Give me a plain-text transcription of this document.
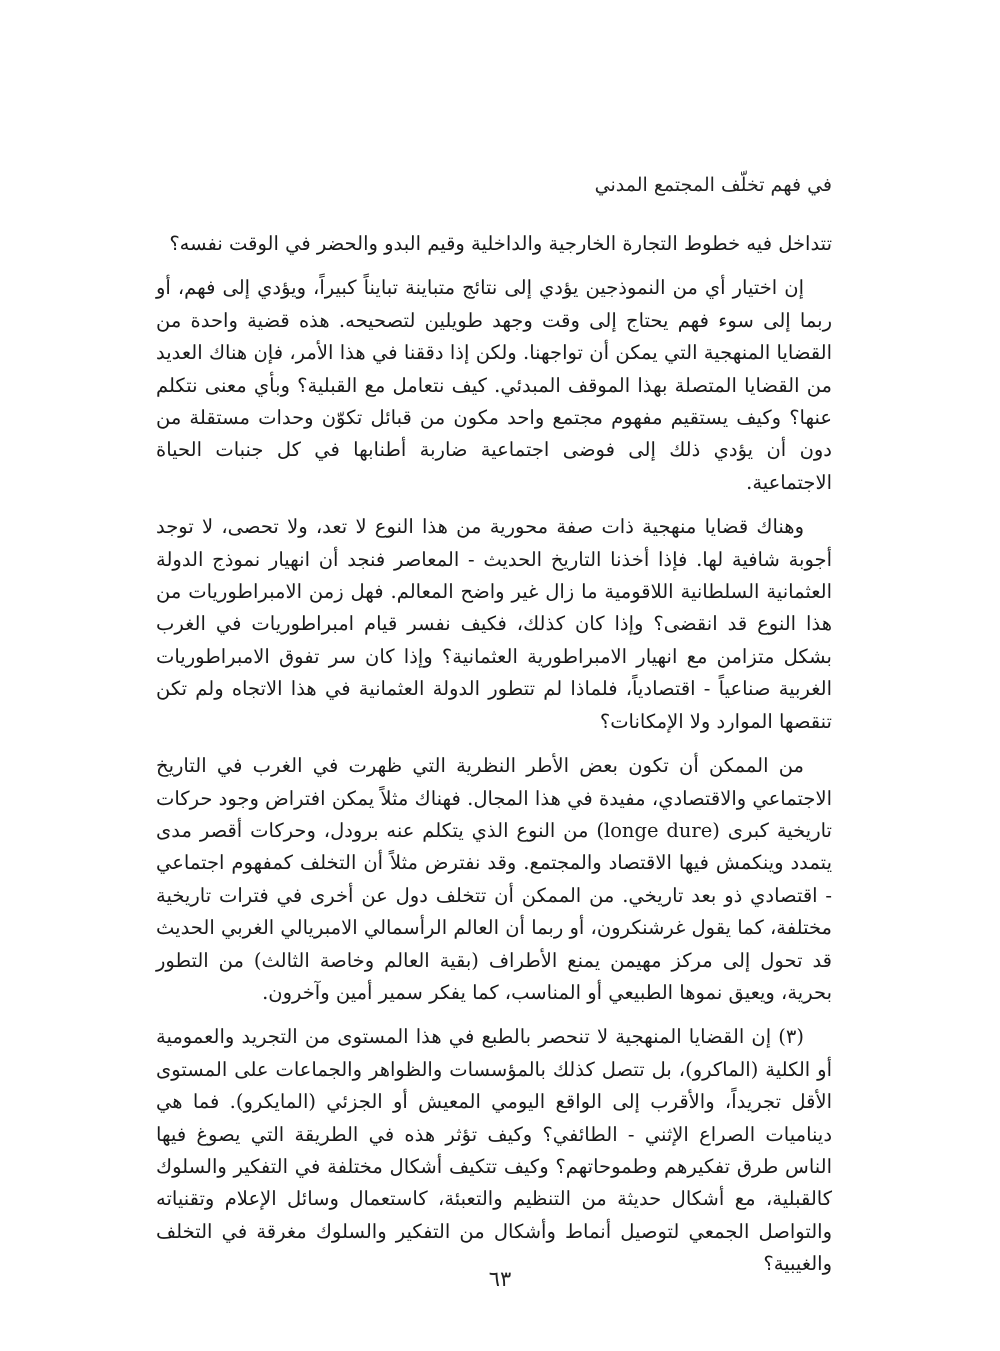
في فهم تخلّف المجتمع المدني

تتداخل فيه خطوط التجارة الخارجية والداخلية وقيم البدو والحضر في الوقت نفسه؟

إن اختيار أي من النموذجين يؤدي إلى نتائج متباينة تبايناً كبيراً، ويؤدي إلى فهم، أو ربما إلى سوء فهم يحتاج إلى وقت وجهد طويلين لتصحيحه. هذه قضية واحدة من القضايا المنهجية التي يمكن أن تواجهنا. ولكن إذا دققنا في هذا الأمر، فإن هناك العديد من القضايا المتصلة بهذا الموقف المبدئي. كيف نتعامل مع القبلية؟ وبأي معنى نتكلم عنها؟ وكيف يستقيم مفهوم مجتمع واحد مكون من قبائل تكوّن وحدات مستقلة من دون أن يؤدي ذلك إلى فوضى اجتماعية ضاربة أطنابها في كل جنبات الحياة الاجتماعية.

وهناك قضايا منهجية ذات صفة محورية من هذا النوع لا تعد، ولا تحصى، لا توجد أجوبة شافية لها. فإذا أخذنا التاريخ الحديث - المعاصر فنجد أن انهيار نموذج الدولة العثمانية السلطانية اللاقومية ما زال غير واضح المعالم. فهل زمن الامبراطوريات من هذا النوع قد انقضى؟ وإذا كان كذلك، فكيف نفسر قيام امبراطوريات في الغرب بشكل متزامن مع انهيار الامبراطورية العثمانية؟ وإذا كان سر تفوق الامبراطوريات الغربية صناعياً - اقتصادياً، فلماذا لم تتطور الدولة العثمانية في هذا الاتجاه ولم تكن تنقصها الموارد ولا الإمكانات؟

من الممكن أن تكون بعض الأطر النظرية التي ظهرت في الغرب في التاريخ الاجتماعي والاقتصادي، مفيدة في هذا المجال. فهناك مثلاً يمكن افتراض وجود حركات تاريخية كبرى (longe dure) من النوع الذي يتكلم عنه برودل، وحركات أقصر مدى يتمدد وينكمش فيها الاقتصاد والمجتمع. وقد نفترض مثلاً أن التخلف كمفهوم اجتماعي - اقتصادي ذو بعد تاريخي. من الممكن أن تتخلف دول عن أخرى في فترات تاريخية مختلفة، كما يقول غرشنكرون، أو ربما أن العالم الرأسمالي الامبريالي الغربي الحديث قد تحول إلى مركز مهيمن يمنع الأطراف (بقية العالم وخاصة الثالث) من التطور بحرية، ويعيق نموها الطبيعي أو المناسب، كما يفكر سمير أمين وآخرون.

(٣) إن القضايا المنهجية لا تنحصر بالطبع في هذا المستوى من التجريد والعمومية أو الكلية (الماكرو)، بل تتصل كذلك بالمؤسسات والظواهر والجماعات على المستوى الأقل تجريداً، والأقرب إلى الواقع اليومي المعيش أو الجزئي (المايكرو). فما هي ديناميات الصراع الإثني - الطائفي؟ وكيف تؤثر هذه في الطريقة التي يصوغ فيها الناس طرق تفكيرهم وطموحاتهم؟ وكيف تتكيف أشكال مختلفة في التفكير والسلوك كالقبلية، مع أشكال حديثة من التنظيم والتعبئة، كاستعمال وسائل الإعلام وتقنياته والتواصل الجمعي لتوصيل أنماط وأشكال من التفكير والسلوك مغرقة في التخلف والغيبية؟

٦٣
